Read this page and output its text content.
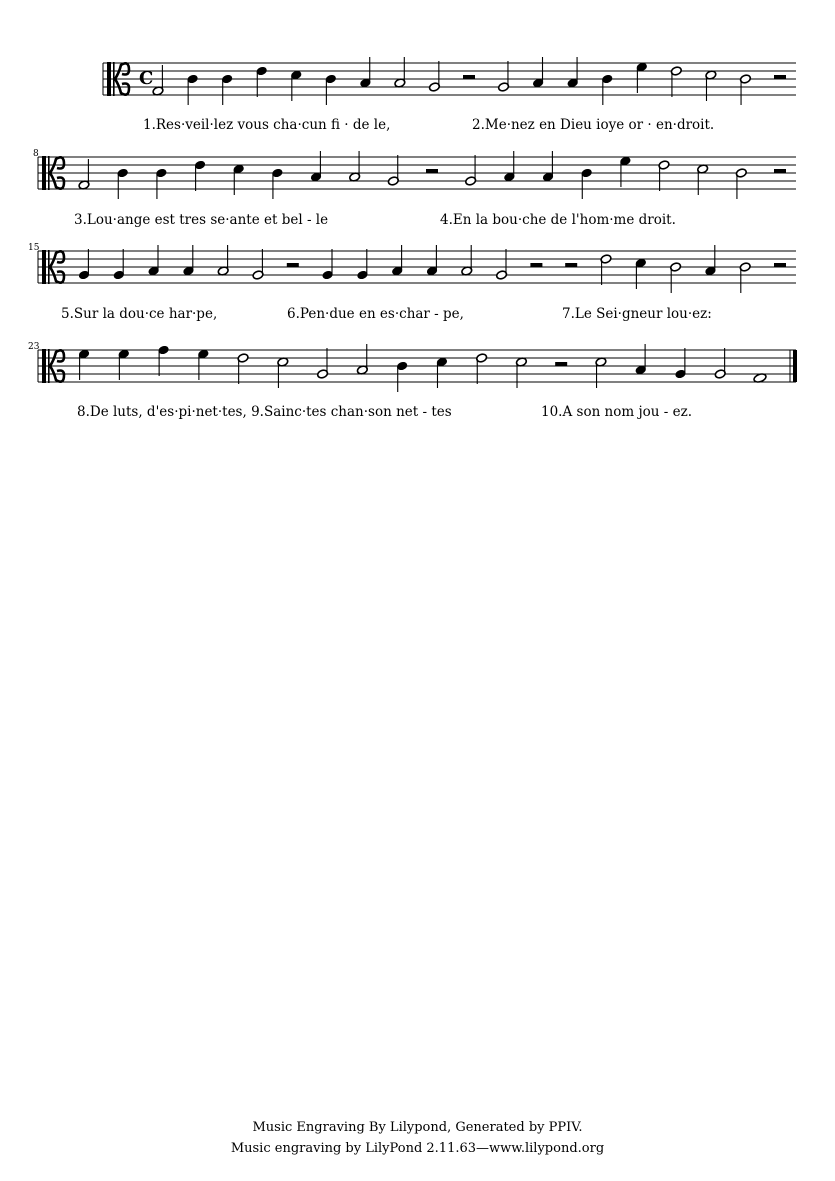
1.Res·veil·lez vous cha·cun fi · de le,	2.Me·nez en Dieu ioye or · en·droit.
8
3.Lou·ange est tres se·ante et bel - le	4.En la bou·che de l'hom·me droit.
15
5.Sur la dou·ce har·pe,	6.Pen·due en es·char - pe,	7.Le Sei·gneur lou·ez:
23
8.De luts, d'es·pi·net·tes, 9.Sainc·tes chan·son net - tes	10.A son nom jou - ez.
C
Music Engraving By Lilypond, Generated by PPIV.
Music engraving by LilyPond 2.11.63—www.lilypond.org
